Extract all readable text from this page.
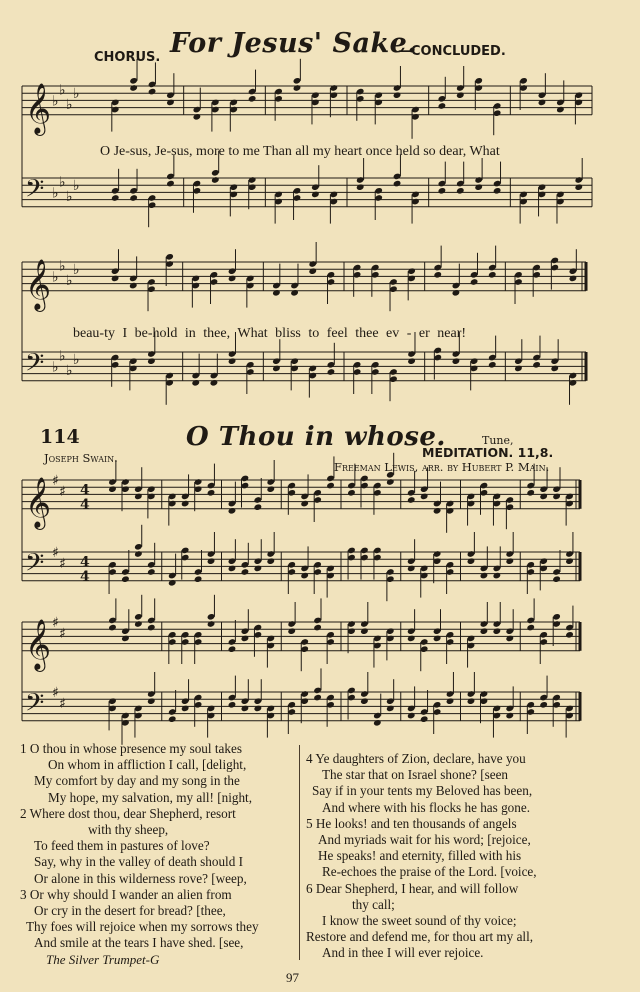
CHORUS. For Jesus' Sake.
—CONCLUDED.
𝄞 ♭
♭
♭
♭
𝄢 ♭
♭
♭
♭
𝄞 ♭
♭
♭
♭
𝄢 ♭
♭
♭
♭
𝄞 ♯
♯
𝄢 ♯
♯
4
4
4
4
𝄞 ♯
♯
𝄢 ♯
♯
O Je-sus, Je-sus, more to me Than all my heart once held so dear, What
beau-ty I be-hold in thee, What bliss to feel thee ev - er near!
114	O Thou in whose.	Tune,
MEDITATION. 11,8.
Joseph Swain.
Freeman Lewis, arr. by Hubert P. Main.
1 O thou in whose presence my soul takes
On whom in affliction I call, [delight,
My comfort by day and my song in the
My hope, my salvation, my all! [night,
2 Where dost thou, dear Shepherd, resort
with thy sheep,
To feed them in pastures of love?
Say, why in the valley of death should I
Or alone in this wilderness rove? [weep,
3 Or why should I wander an alien from
Or cry in the desert for bread? [thee,
Thy foes will rejoice when my sorrows they
And smile at the tears I have shed. [see,
4 Ye daughters of Zion, declare, have you
The star that on Israel shone? [seen
Say if in your tents my Beloved has been,
And where with his flocks he has gone.
5 He looks! and ten thousands of angels
And myriads wait for his word; [rejoice,
He speaks! and eternity, filled with his
Re-echoes the praise of the Lord. [voice,
6 Dear Shepherd, I hear, and will follow
thy call;
I know the sweet sound of thy voice;
Restore and defend me, for thou art my all,
And in thee I will ever rejoice.
The Silver Trumpet-G
97
